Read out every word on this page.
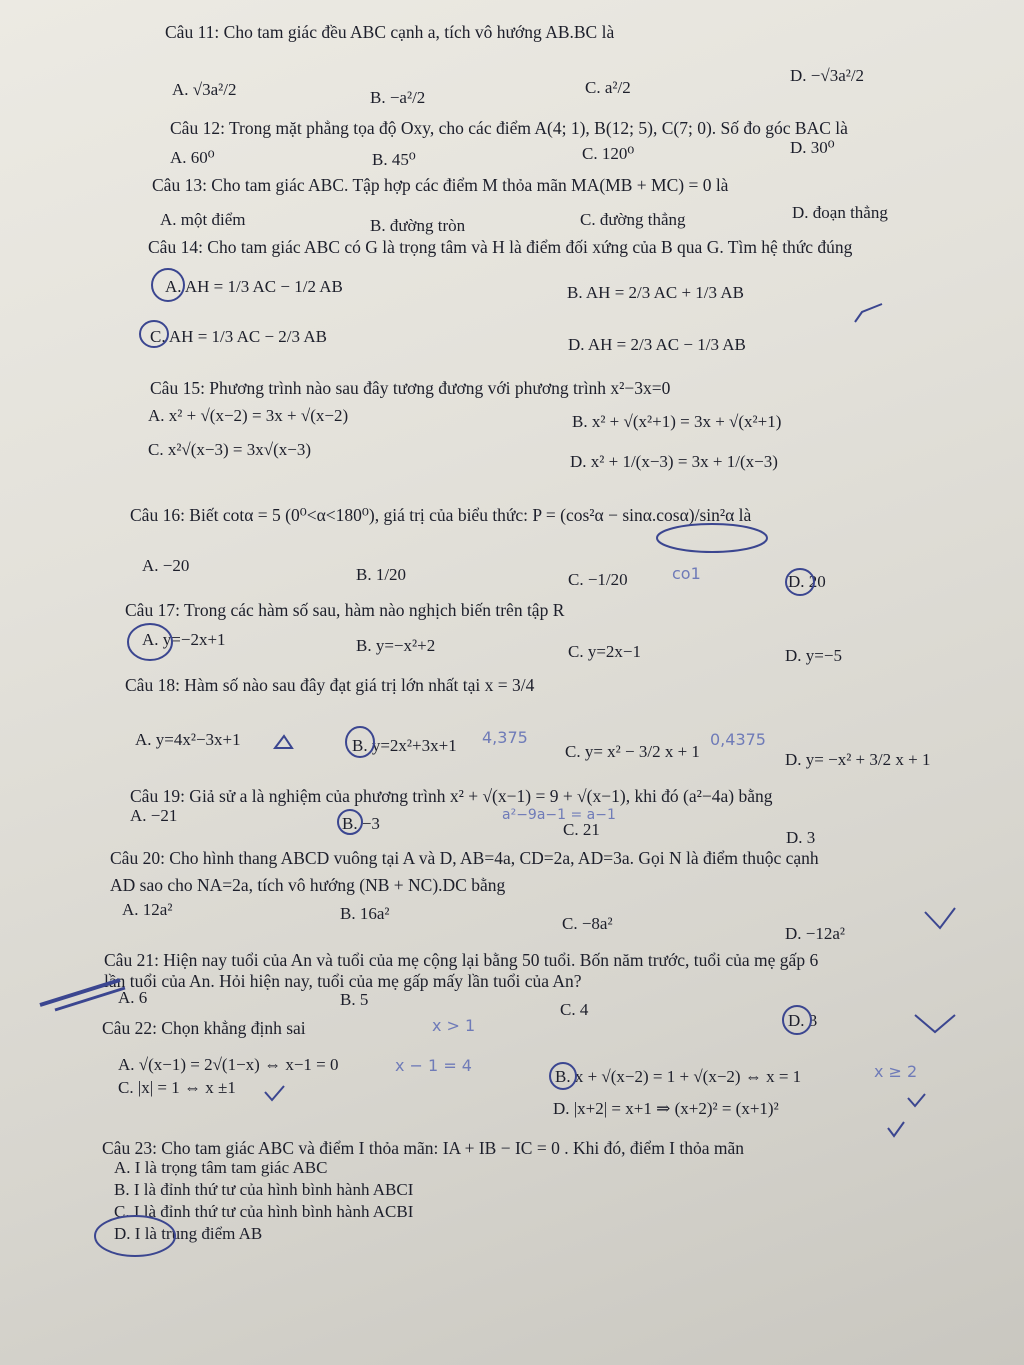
Câu 11: Cho tam giác đều ABC cạnh a, tích vô hướng AB.BC là
A. √3a²/2	B. −a²/2
C. a²/2
D. −√3a²/2
Câu 12: Trong mặt phẳng tọa độ Oxy, cho các điểm A(4; 1), B(12; 5), C(7; 0). Số đo góc BAC là
A. 60⁰	B. 45⁰	C. 120⁰	D. 30⁰
Câu 13: Cho tam giác ABC. Tập hợp các điểm M thỏa mãn MA(MB + MC) = 0 là
A. một điểm	B. đường tròn	C. đường thẳng	D. đoạn thẳng
Câu 14: Cho tam giác ABC có G là trọng tâm và H là điểm đối xứng của B qua G. Tìm hệ thức đúng
A. AH = 1/3 AC − 1/2 AB	B. AH = 2/3 AC + 1/3 AB
C. AH = 1/3 AC − 2/3 AB	D. AH = 2/3 AC − 1/3 AB
Câu 15: Phương trình nào sau đây tương đương với phương trình x²−3x=0
A. x² + √(x−2) = 3x + √(x−2)	B. x² + √(x²+1) = 3x + √(x²+1)
C. x²√(x−3) = 3x√(x−3)
D. x² + 1/(x−3) = 3x + 1/(x−3)
Câu 16: Biết cotα = 5 (0⁰<α<180⁰), giá trị của biểu thức: P = (cos²α − sinα.cosα)/sin²α là
A. −20	B. 1/20	C. −1/20	D. 20
Câu 17: Trong các hàm số sau, hàm nào nghịch biến trên tập R
A. y=−2x+1	B. y=−x²+2	C. y=2x−1	D. y=−5
Câu 18: Hàm số nào sau đây đạt giá trị lớn nhất tại x = 3/4
A. y=4x²−3x+1	B. y=2x²+3x+1	C. y= x² − 3/2 x + 1	D. y= −x² + 3/2 x + 1
Câu 19: Giả sử a là nghiệm của phương trình x² + √(x−1) = 9 + √(x−1), khi đó (a²−4a) bằng
A. −21	B. −3	C. 21	D. 3
Câu 20: Cho hình thang ABCD vuông tại A và D, AB=4a, CD=2a, AD=3a. Gọi N là điểm thuộc cạnh
AD sao cho NA=2a, tích vô hướng (NB + NC).DC bằng
A. 12a²	B. 16a²
C. −8a²
D. −12a²
Câu 21: Hiện nay tuổi của An và tuổi của mẹ cộng lại bằng 50 tuổi. Bốn năm trước, tuổi của mẹ gấp 6
lần tuổi của An. Hỏi hiện nay, tuổi của mẹ gấp mấy lần tuổi của An?
A. 6	B. 5
C. 4
D. 3
Câu 22: Chọn khẳng định sai
A. √(x−1) = 2√(1−x) ⇔ x−1 = 0
B. x + √(x−2) = 1 + √(x−2) ⇔ x = 1
C. |x| = 1 ⇔ x ±1
D. |x+2| = x+1 ⇒ (x+2)² = (x+1)²
Câu 23: Cho tam giác ABC và điểm I thỏa mãn: IA + IB − IC = 0 . Khi đó, điểm I thỏa mãn
A. I là trọng tâm tam giác ABC
B. I là đỉnh thứ tư của hình bình hành ABCI
C. I là đỉnh thứ tư của hình bình hành ACBI
D. I là trung điểm AB
co1
4,375	0,4375
a²−9a−1 = a−1
x > 1
x − 1 = 4	x ≥ 2
